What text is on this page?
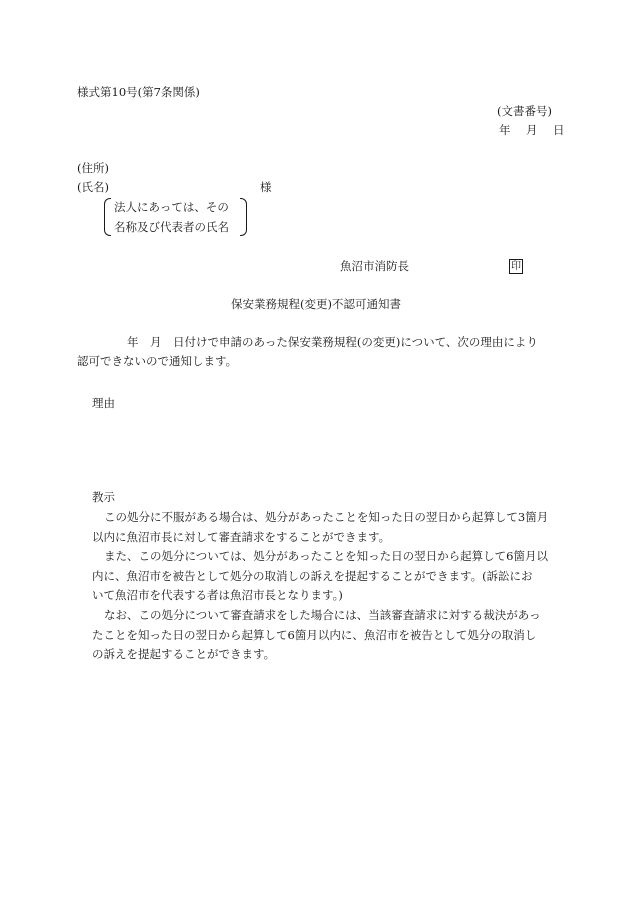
様式第10号(第7条関係)
(文書番号)
年　月　日
(住所)
(氏名)	様
法人にあっては、その
名称及び代表者の氏名
魚沼市消防長	印
保安業務規程(変更)不認可通知書
年　月　日付けで申請のあった保安業務規程(の変更)について、次の理由により
認可できないので通知します。
理由
教示
この処分に不服がある場合は、処分があったことを知った日の翌日から起算して3箇月
以内に魚沼市長に対して審査請求をすることができます。
また、この処分については、処分があったことを知った日の翌日から起算して6箇月以
内に、魚沼市を被告として処分の取消しの訴えを提起することができます。(訴訟にお
いて魚沼市を代表する者は魚沼市長となります。)
なお、この処分について審査請求をした場合には、当該審査請求に対する裁決があっ
たことを知った日の翌日から起算して6箇月以内に、魚沼市を被告として処分の取消し
の訴えを提起することができます。
